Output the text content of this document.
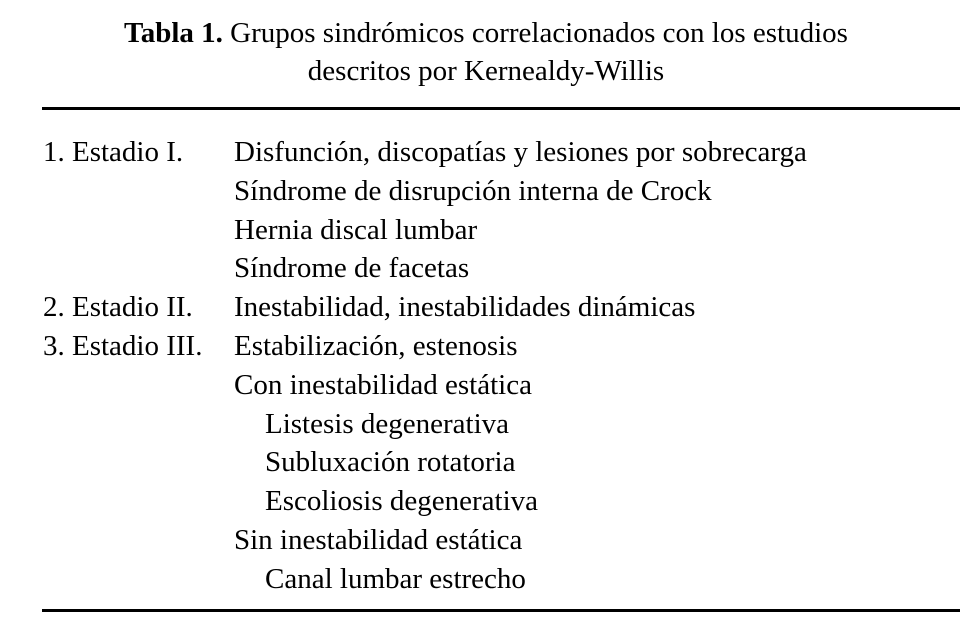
Tabla 1. Grupos sindrómicos correlacionados con los estudios
descritos por Kernealdy-Willis
1. Estadio I. Disfunción, discopatías y lesiones por sobrecarga
Síndrome de disrupción interna de Crock
Hernia discal lumbar
Síndrome de facetas
2. Estadio II. Inestabilidad, inestabilidades dinámicas
3. Estadio III. Estabilización, estenosis
Con inestabilidad estática
Listesis degenerativa
Subluxación rotatoria
Escoliosis degenerativa
Sin inestabilidad estática
Canal lumbar estrecho
